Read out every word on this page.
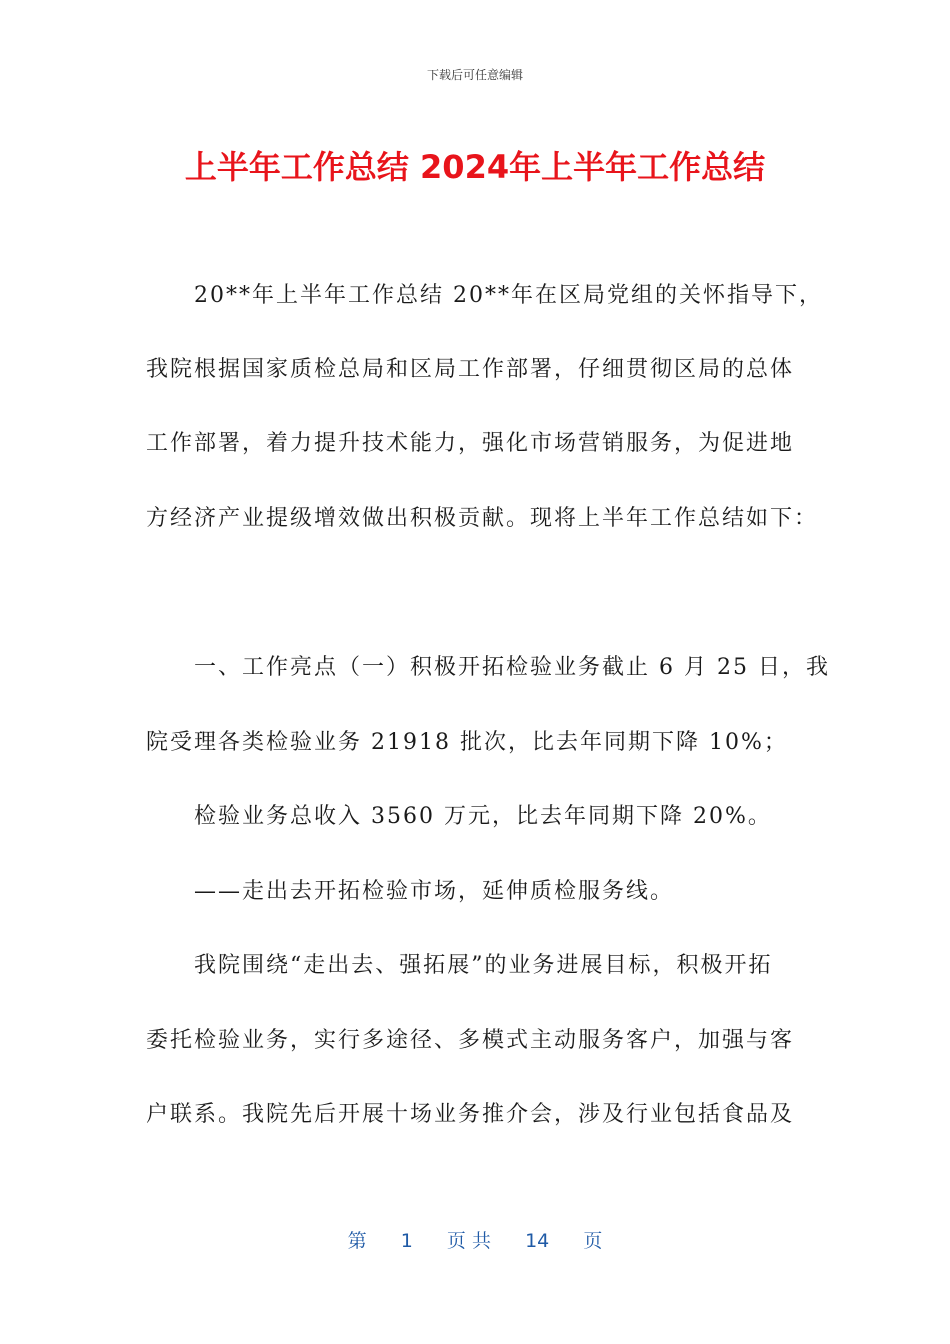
下载后可任意编辑
上半年工作总结 2024年上半年工作总结
　　20**年上半年工作总结 20**年在区局党组的关怀指导下，
我院根据国家质检总局和区局工作部署，仔细贯彻区局的总体
工作部署，着力提升技术能力，强化市场营销服务，为促进地
方经济产业提级增效做出积极贡献。现将上半年工作总结如下：
　　一、工作亮点（一）积极开拓检验业务截止 6 月 25 日，我
院受理各类检验业务 21918 批次，比去年同期下降 10%；
　　检验业务总收入 3560 万元，比去年同期下降 20%。
　　——走出去开拓检验市场，延伸质检服务线。
　　我院围绕“走出去、强拓展”的业务进展目标，积极开拓
委托检验业务，实行多途径、多模式主动服务客户，加强与客
户联系。我院先后开展十场业务推介会，涉及行业包括食品及
第 1 页 共 14 页
